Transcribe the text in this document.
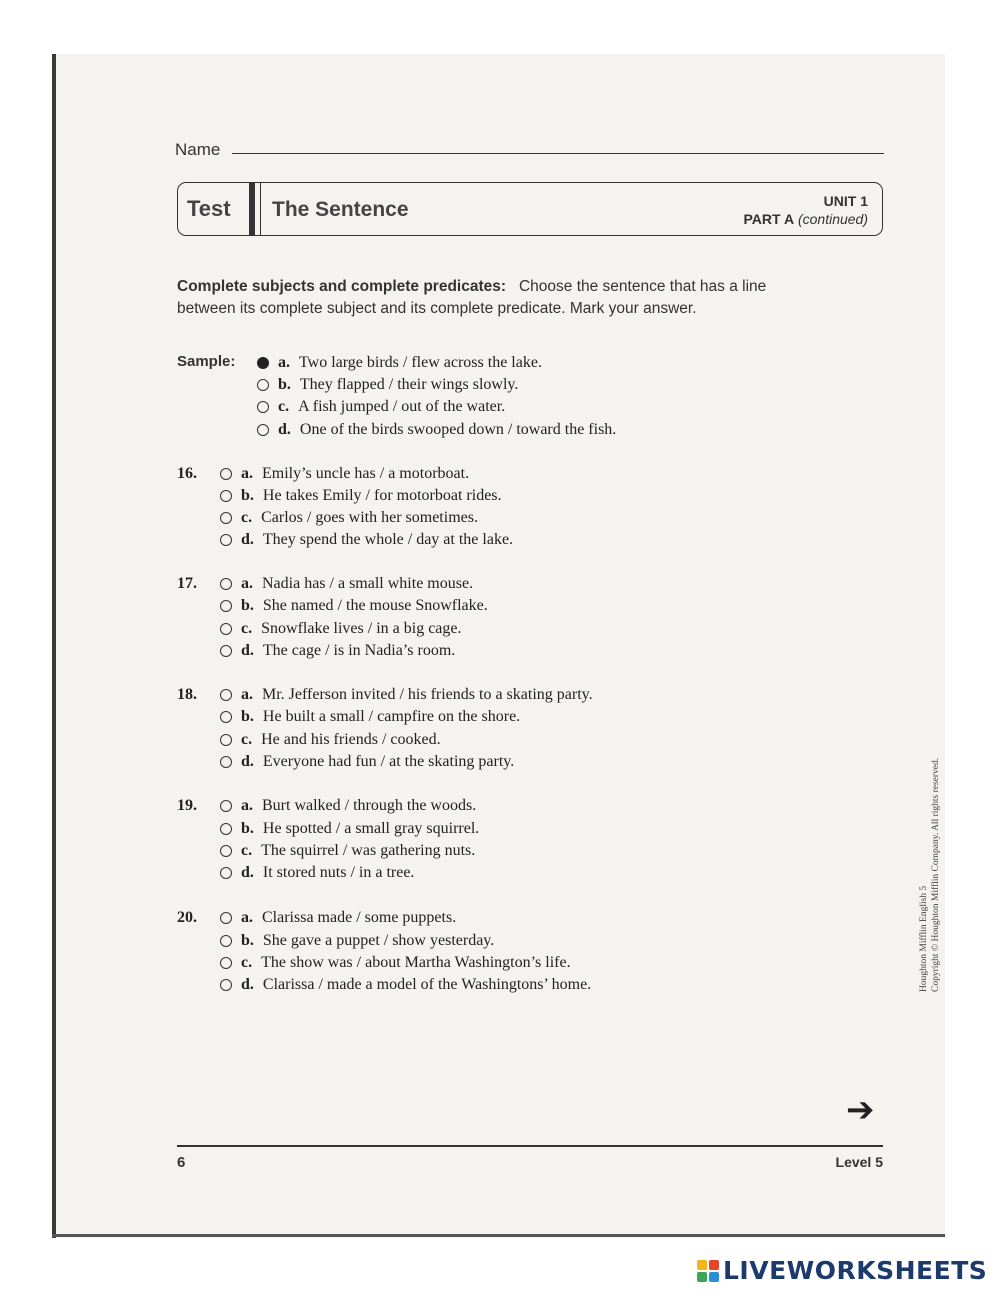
Name
Test The Sentence	UNIT 1
PART A (continued)
Complete subjects and complete predicates: Choose the sentence that has a line between its complete subject and its complete predicate. Mark your answer.
Sample:	a. Two large birds / flew across the lake.
b. They flapped / their wings slowly.
c. A fish jumped / out of the water.
d. One of the birds swooped down / toward the fish.
16.	a. Emily’s uncle has / a motorboat.
b. He takes Emily / for motorboat rides.
c. Carlos / goes with her sometimes.
d. They spend the whole / day at the lake.
17.	a. Nadia has / a small white mouse.
b. She named / the mouse Snowflake.
c. Snowflake lives / in a big cage.
d. The cage / is in Nadia’s room.
18.	a. Mr. Jefferson invited / his friends to a skating party.
b. He built a small / campfire on the shore.
c. He and his friends / cooked.
d. Everyone had fun / at the skating party.
19.	a. Burt walked / through the woods.
b. He spotted / a small gray squirrel.
c. The squirrel / was gathering nuts.
d. It stored nuts / in a tree.
20.	a. Clarissa made / some puppets.
b. She gave a puppet / show yesterday.
c. The show was / about Martha Washington’s life.
d. Clarissa / made a model of the Washingtons’ home.	Houghton Mifflin English 5 Copyright © Houghton Mifflin Company. All rights reserved.
➔
6	Level 5
LIVEWORKSHEETS
